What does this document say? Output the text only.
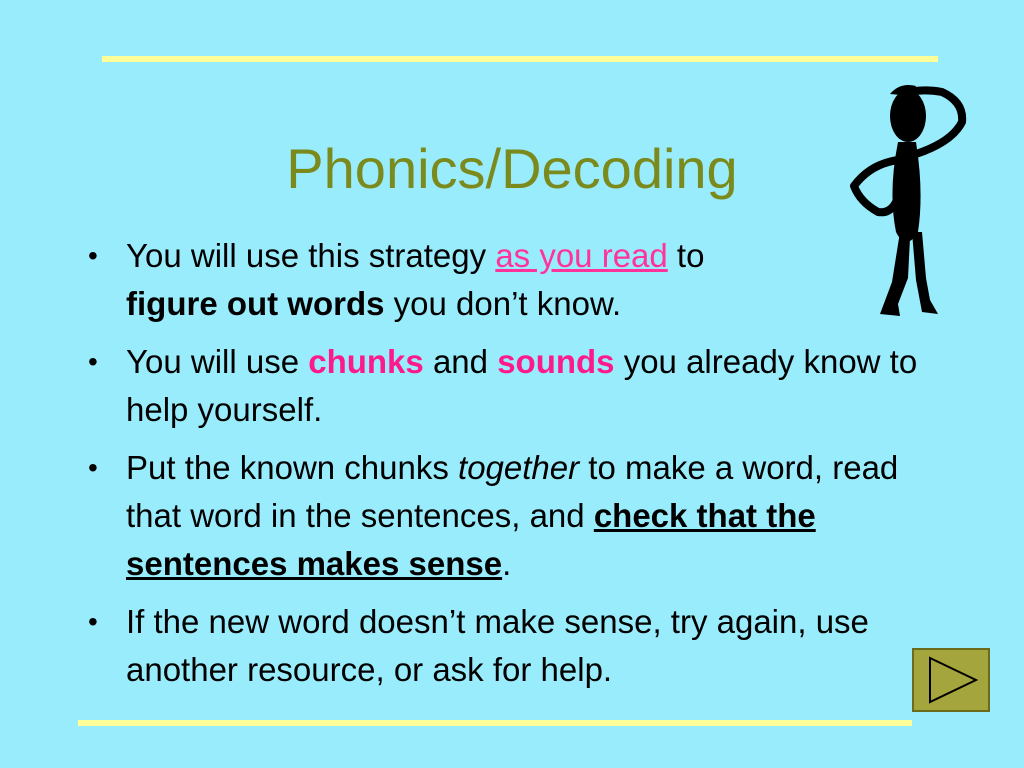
Phonics/Decoding
• You will use this strategy as you read to
figure out words you don’t know.
• You will use chunks and sounds you already know to help yourself.
• Put the known chunks together to make a word, read that word in the sentences, and check that the sentences makes sense.
• If the new word doesn’t make sense, try again, use another resource, or ask for help.
